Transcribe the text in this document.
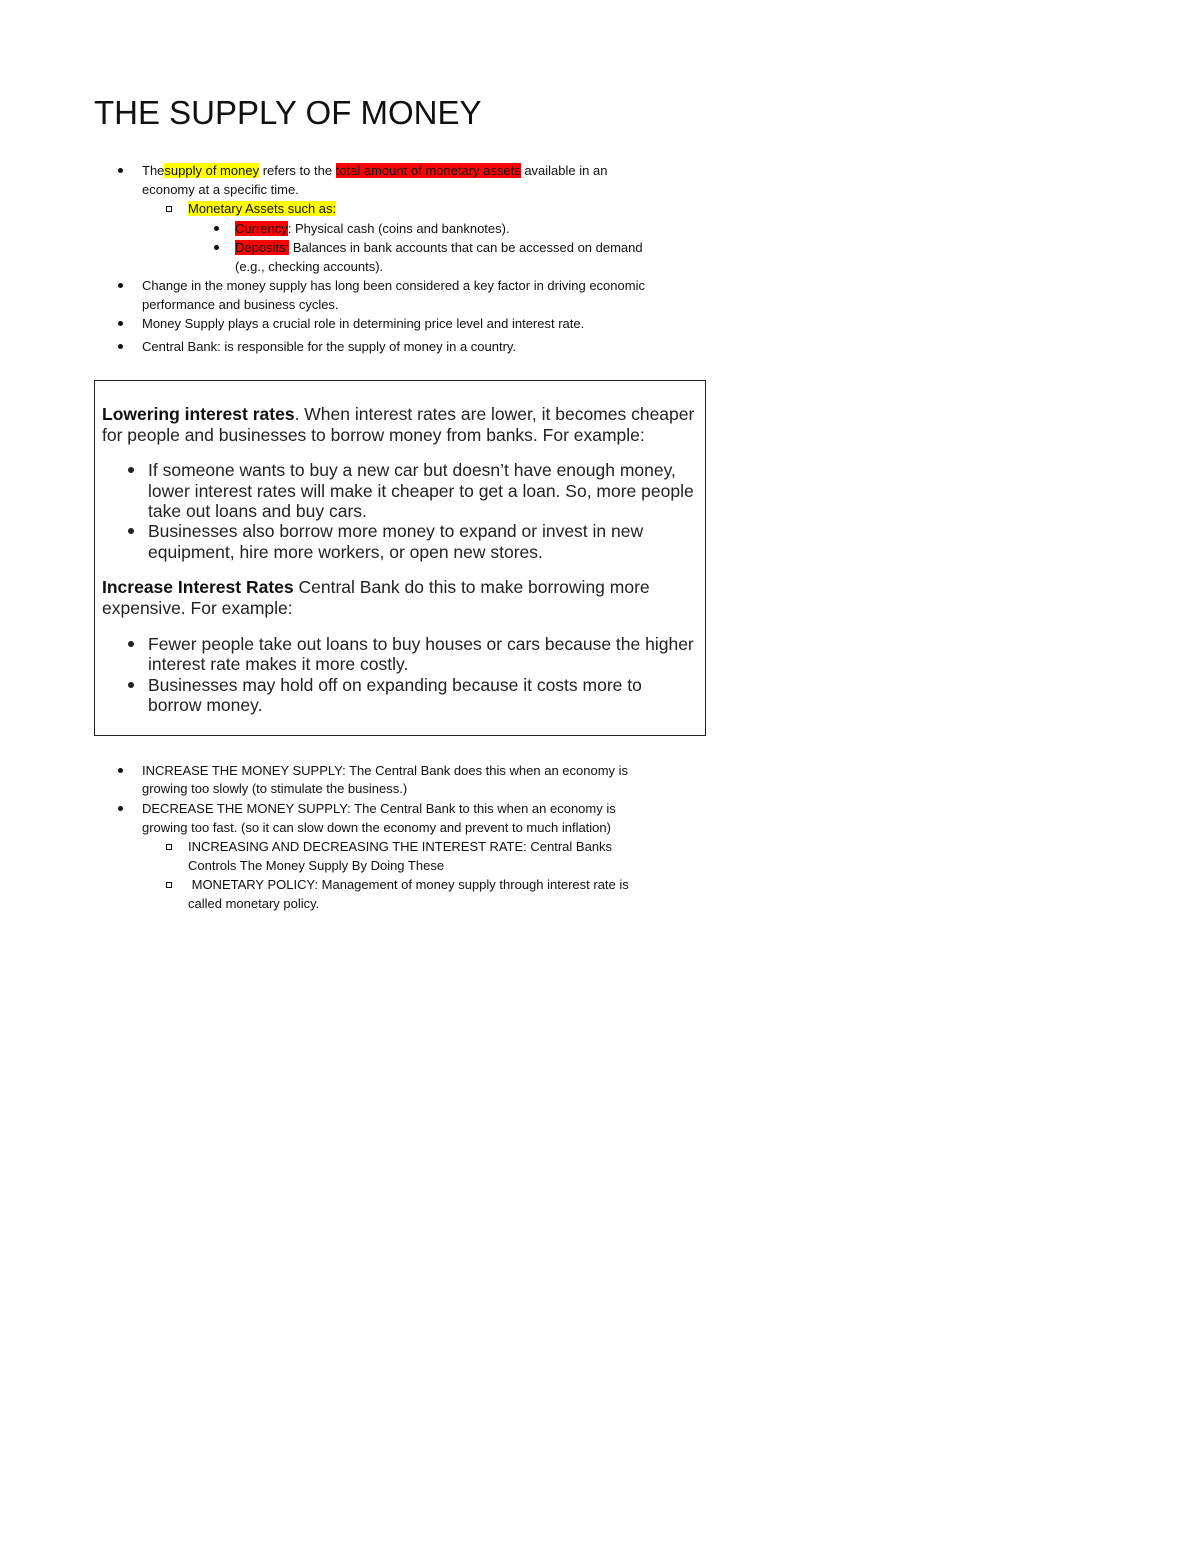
THE SUPPLY OF MONEY
Thesupply of money refers to the total amount of monetary assets available in an
economy at a specific time.
Monetary Assets such as:
Currency: Physical cash (coins and banknotes).
Deposits: Balances in bank accounts that can be accessed on demand
(e.g., checking accounts).
Change in the money supply has long been considered a key factor in driving economic
performance and business cycles.
Money Supply plays a crucial role in determining price level and interest rate.
Central Bank: is responsible for the supply of money in a country.
Lowering interest rates. When interest rates are lower, it becomes cheaper
for people and businesses to borrow money from banks. For example:
If someone wants to buy a new car but doesn’t have enough money,
lower interest rates will make it cheaper to get a loan. So, more people
take out loans and buy cars.
Businesses also borrow more money to expand or invest in new
equipment, hire more workers, or open new stores.
Increase Interest Rates Central Bank do this to make borrowing more
expensive. For example:
Fewer people take out loans to buy houses or cars because the higher
interest rate makes it more costly.
Businesses may hold off on expanding because it costs more to
borrow money.
INCREASE THE MONEY SUPPLY: The Central Bank does this when an economy is
growing too slowly (to stimulate the business.)
DECREASE THE MONEY SUPPLY: The Central Bank to this when an economy is
growing too fast. (so it can slow down the economy and prevent to much inflation)
INCREASING AND DECREASING THE INTEREST RATE: Central Banks
Controls The Money Supply By Doing These
MONETARY POLICY: Management of money supply through interest rate is
called monetary policy.
